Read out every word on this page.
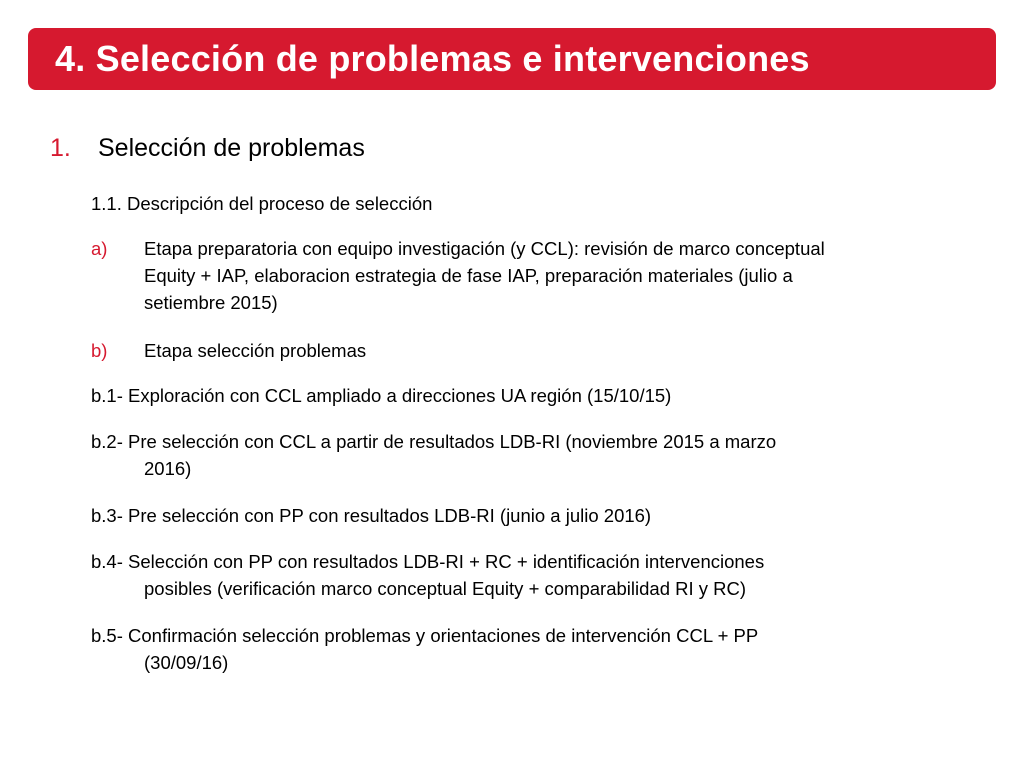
4. Selección de problemas e intervenciones
1. Selección de problemas
1.1. Descripción del proceso de selección
a) Etapa preparatoria con equipo investigación (y CCL): revisión de marco conceptual
Equity + IAP, elaboracion estrategia de fase IAP, preparación materiales (julio a
setiembre 2015)
b) Etapa selección problemas
b.1- Exploración con CCL ampliado a direcciones UA región (15/10/15)
b.2- Pre selección con CCL a partir de resultados LDB-RI (noviembre 2015 a marzo
2016)
b.3- Pre selección con PP con resultados LDB-RI (junio a julio 2016)
b.4- Selección con PP con resultados LDB-RI + RC + identificación intervenciones
posibles (verificación marco conceptual Equity + comparabilidad RI y RC)
b.5- Confirmación selección problemas y orientaciones de intervención CCL + PP
(30/09/16)
